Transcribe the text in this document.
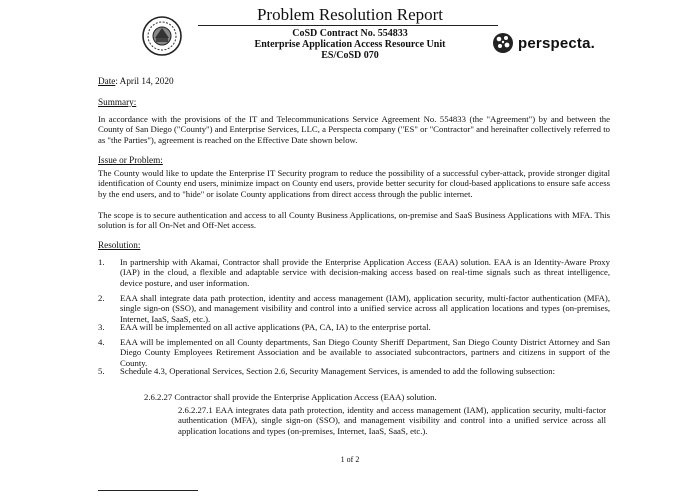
Problem Resolution Report
CoSD Contract No. 554833
Enterprise Application Access Resource Unit
ES/CoSD 070
perspecta.
Date: April 14, 2020
Summary:
In accordance with the provisions of the IT and Telecommunications Service Agreement No. 554833 (the "Agreement") by and between the County of San Diego ("County") and Enterprise Services, LLC, a Perspecta company ("ES" or "Contractor" and hereinafter collectively referred to as "the Parties"), agreement is reached on the Effective Date shown below.
Issue or Problem:
The County would like to update the Enterprise IT Security program to reduce the possibility of a successful cyber-attack, provide stronger digital identification of County end users, minimize impact on County end users, provide better security for cloud-based applications to ensure safe access by the end users, and to "hide" or isolate County applications from direct access through the public internet.
The scope is to secure authentication and access to all County Business Applications, on-premise and SaaS Business Applications with MFA. This solution is for all On-Net and Off-Net access.
Resolution:
1.	In partnership with Akamai, Contractor shall provide the Enterprise Application Access (EAA) solution. EAA is an Identity-Aware Proxy (IAP) in the cloud, a flexible and adaptable service with decision-making access based on real-time signals such as threat intelligence, device posture, and user information.
2.	EAA shall integrate data path protection, identity and access management (IAM), application security, multi-factor authentication (MFA), single sign-on (SSO), and management visibility and control into a unified service across all application locations and types (on-premises, Internet, IaaS, SaaS, etc.).
3.	EAA will be implemented on all active applications (PA, CA, IA) to the enterprise portal.
4.	EAA will be implemented on all County departments, San Diego County Sheriff Department, San Diego County District Attorney and San Diego County Employees Retirement Association and be available to associated subcontractors, partners and citizens in support of the County.
5.	Schedule 4.3, Operational Services, Section 2.6, Security Management Services, is amended to add the following subsection:
2.6.2.27 Contractor shall provide the Enterprise Application Access (EAA) solution.
2.6.2.27.1 EAA integrates data path protection, identity and access management (IAM), application security, multi-factor authentication (MFA), single sign-on (SSO), and management visibility and control into a unified service across all application locations and types (on-premises, Internet, IaaS, SaaS, etc.).
1 of 2
